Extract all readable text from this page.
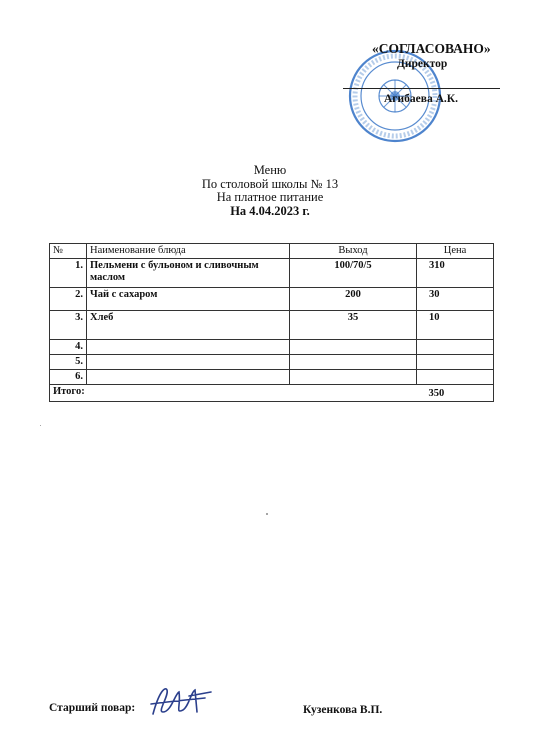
«СОГЛАСОВАНО»
Директор
Агибаева А.К.
Меню
По столовой школы № 13
На платное питание
На 4.04.2023 г.
№	Наименование блюда	Выход	Цена
1.	Пельмени с бульоном и сливочным маслом	100/70/5	310
2.	Чай с сахаром	200	30
3.	Хлеб	35	10
4.			
5.			
6.			
Итого:			350
Старший повар:	Кузенкова В.П.
